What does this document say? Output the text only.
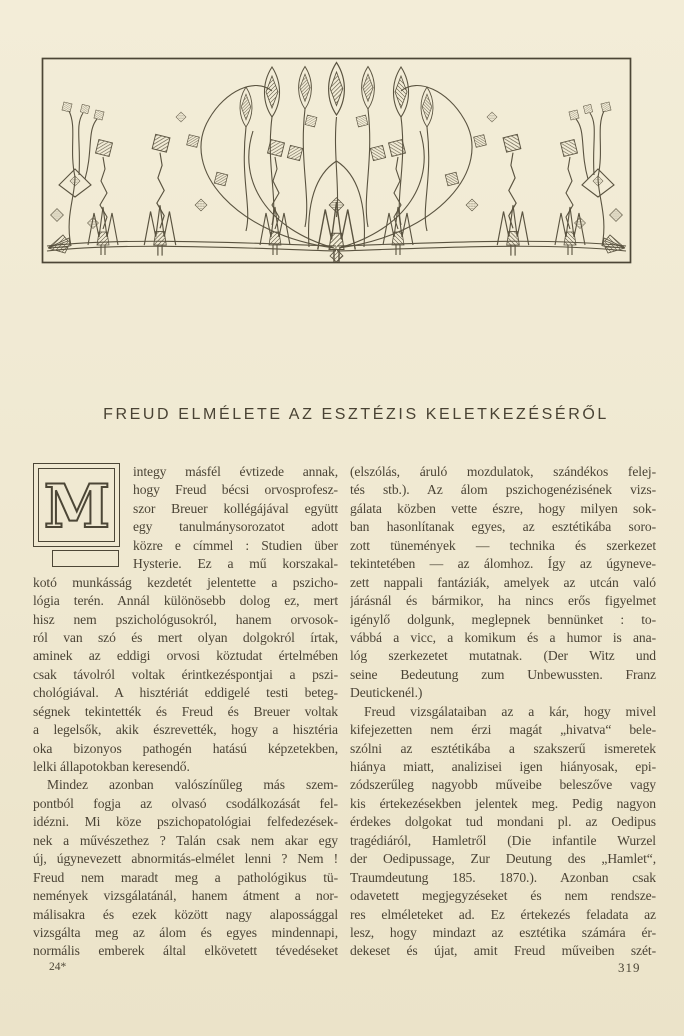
FREUD ELMÉLETE AZ ESZTÉZIS KELETKEZÉSÉRŐL
M
integy másfél évtizede annak,
hogy Freud bécsi orvosprofesz-
szor Breuer kollégájával együtt
egy tanulmánysorozatot adott
közre e címmel : Studien über
Hysterie. Ez a mű korszakal-
kotó munkásság kezdetét jelentette a pszicho-
lógia terén. Annál különösebb dolog ez, mert
hisz nem pszichológusokról, hanem orvosok-
ról van szó és mert olyan dolgokról írtak,
aminek az eddigi orvosi köztudat értelmében
csak távolról voltak érintkezéspontjai a pszi-
chológiával. A hisztériát eddigelé testi beteg-
ségnek tekintették és Freud és Breuer voltak
a legelsők, akik észrevették, hogy a hisztéria
oka bizonyos pathogén hatású képzetekben,
lelki állapotokban keresendő.
Mindez azonban valószínűleg más szem-
pontból fogja az olvasó csodálkozását fel-
idézni. Mi köze pszichopatológiai felfedezések-
nek a művészethez ? Talán csak nem akar egy
új, úgynevezett abnormitás-elmélet lenni ? Nem !
Freud nem maradt meg a pathológikus tü-
nemények vizsgálatánál, hanem átment a nor-
málisakra és ezek között nagy alapossággal
vizsgálta meg az álom és egyes mindennapi,
normális emberek által elkövetett tévedéseket
(elszólás, áruló mozdulatok, szándékos felej-
tés stb.). Az álom pszichogenézisének vizs-
gálata közben vette észre, hogy milyen sok-
ban hasonlítanak egyes, az esztétikába soro-
zott tünemények — technika és szerkezet
tekintetében — az álomhoz. Így az úgyneve-
zett nappali fantáziák, amelyek az utcán való
járásnál és bármikor, ha nincs erős figyelmet
igénylő dolgunk, meglepnek bennünket : to-
vábbá a vicc, a komikum és a humor is ana-
lóg szerkezetet mutatnak. (Der Witz und
seine Bedeutung zum Unbewussten. Franz
Deutickenél.)
Freud vizsgálataiban az a kár, hogy mivel
kifejezetten nem érzi magát „hivatva“ bele-
szólni az esztétikába a szakszerű ismeretek
hiánya miatt, analizisei igen hiányosak, epi-
zódszerűleg nagyobb műveibe beleszőve vagy
kis értekezésekben jelentek meg. Pedig nagyon
érdekes dolgokat tud mondani pl. az Oedipus
tragédiáról, Hamletről (Die infantile Wurzel
der Oedipussage, Zur Deutung des „Hamlet“,
Traumdeutung 185. 1870.). Azonban csak
odavetett megjegyzéseket és nem rendsze-
res elméleteket ad. Ez értekezés feladata az
lesz, hogy mindazt az esztétika számára ér-
dekeset és újat, amit Freud műveiben szét-
24*	319
